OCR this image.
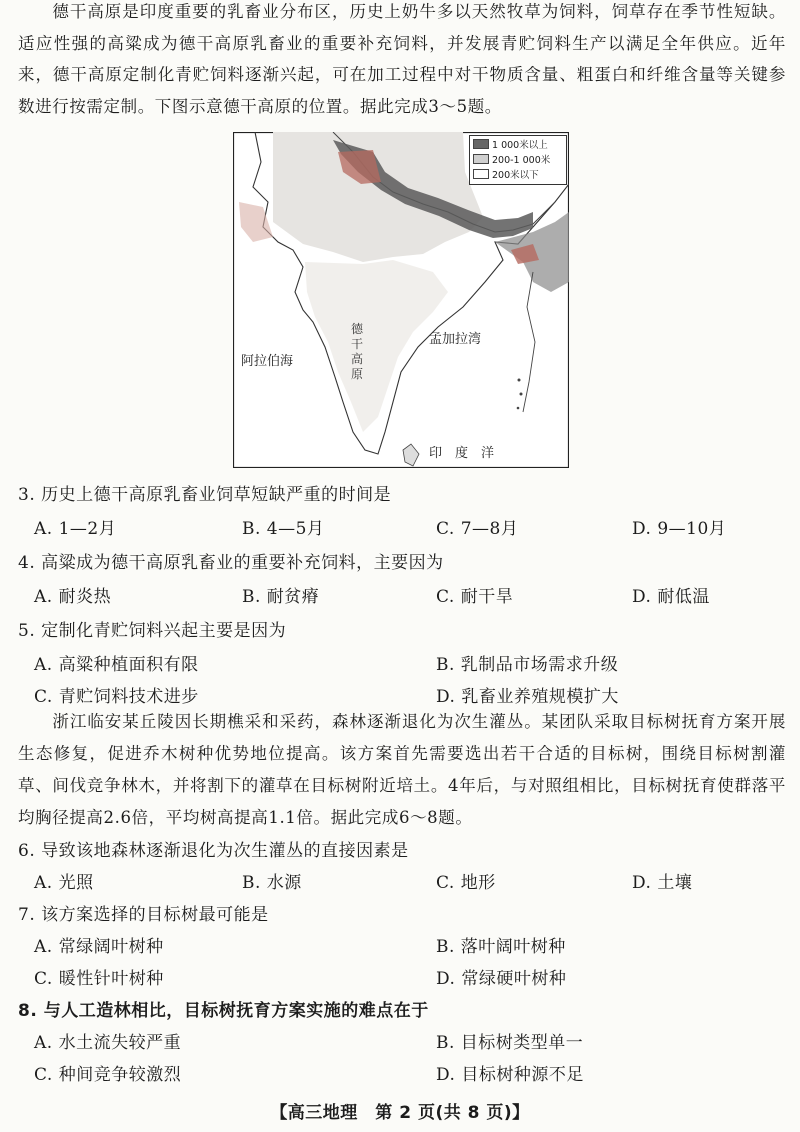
德干高原是印度重要的乳畜业分布区，历史上奶牛多以天然牧草为饲料，饲草存在季节性短缺。适应性强的高粱成为德干高原乳畜业的重要补充饲料，并发展青贮饲料生产以满足全年供应。近年来，德干高原定制化青贮饲料逐渐兴起，可在加工过程中对干物质含量、粗蛋白和纤维含量等关键参数进行按需定制。下图示意德干高原的位置。据此完成3～5题。
1 000米以上
200-1 000米
200米以下
阿拉伯海
孟加拉湾
印　度　洋
德干高原
3. 历史上德干高原乳畜业饲草短缺严重的时间是
A. 1—2月	B. 4—5月	C. 7—8月	D. 9—10月
4. 高粱成为德干高原乳畜业的重要补充饲料，主要因为
A. 耐炎热	B. 耐贫瘠	C. 耐干旱	D. 耐低温
5. 定制化青贮饲料兴起主要是因为
A. 高粱种植面积有限	B. 乳制品市场需求升级
C. 青贮饲料技术进步	D. 乳畜业养殖规模扩大
浙江临安某丘陵因长期樵采和采药，森林逐渐退化为次生灌丛。某团队采取目标树抚育方案开展生态修复，促进乔木树种优势地位提高。该方案首先需要选出若干合适的目标树，围绕目标树割灌草、间伐竞争林木，并将割下的灌草在目标树附近培土。4年后，与对照组相比，目标树抚育使群落平均胸径提高2.6倍，平均树高提高1.1倍。据此完成6～8题。
6. 导致该地森林逐渐退化为次生灌丛的直接因素是
A. 光照	B. 水源	C. 地形	D. 土壤
7. 该方案选择的目标树最可能是
A. 常绿阔叶树种	B. 落叶阔叶树种
C. 暖性针叶树种	D. 常绿硬叶树种
8. 与人工造林相比，目标树抚育方案实施的难点在于
A. 水土流失较严重	B. 目标树类型单一
C. 种间竞争较激烈	D. 目标树种源不足
【高三地理　第 2 页(共 8 页)】
